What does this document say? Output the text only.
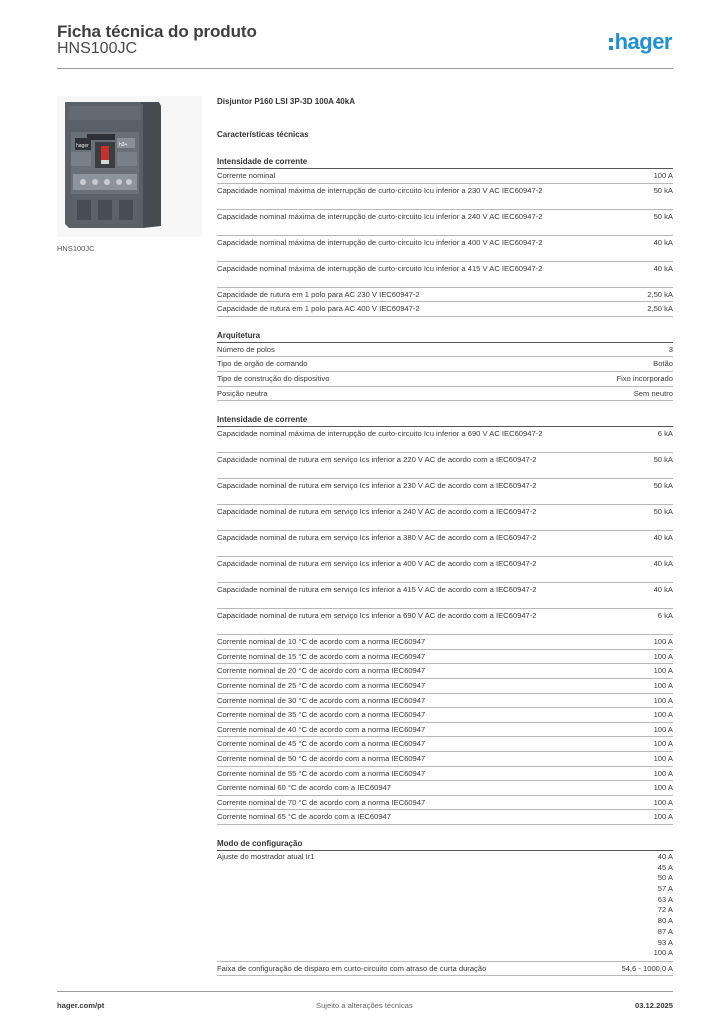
Ficha técnica do produto
HNS100JC	hager
hager	h3+
HNS100JC
Disjuntor P160 LSI 3P-3D 100A 40kA
Características técnicas
Intensidade de corrente
Corrente nominal	100 A
Capacidade nominal máxima de interrupção de curto-circuito Icu inferior a 230 V AC IEC60947-2	50 kA
Capacidade nominal máxima de interrupção de curto-circuito Icu inferior a 240 V AC IEC60947-2	50 kA
Capacidade nominal máxima de interrupção de curto-circuito Icu inferior a 400 V AC IEC60947-2	40 kA
Capacidade nominal máxima de interrupção de curto-circuito Icu inferior a 415 V AC IEC60947-2	40 kA
Capacidade de rutura em 1 polo para AC 230 V IEC60947-2	2,50 kA
Capacidade de rutura em 1 polo para AC 400 V IEC60947-2	2,50 kA
Arquitetura
Número de polos	3
Tipo de orgão de comando	Botão
Tipo de construção do dispositivo	Fixo incorporado
Posição neutra	Sem neutro
Intensidade de corrente
Capacidade nominal máxima de interrupção de curto-circuito Icu inferior a 690 V AC IEC60947-2	6 kA
Capacidade nominal de rutura em serviço Ics inferior a 220 V AC de acordo com a IEC60947-2	50 kA
Capacidade nominal de rutura em serviço Ics inferior a 230 V AC de acordo com a IEC60947-2	50 kA
Capacidade nominal de rutura em serviço Ics inferior a 240 V AC de acordo com a IEC60947-2	50 kA
Capacidade nominal de rutura em serviço Ics inferior a 380 V AC de acordo com a IEC60947-2	40 kA
Capacidade nominal de rutura em serviço Ics inferior a 400 V AC de acordo com a IEC60947-2	40 kA
Capacidade nominal de rutura em serviço Ics inferior a 415 V AC de acordo com a IEC60947-2	40 kA
Capacidade nominal de rutura em serviço Ics inferior a 690 V AC de acordo com a IEC60947-2	6 kA
Corrente nominal de 10 °C de acordo com a norma IEC60947	100 A
Corrente nominal de 15 °C de acordo com a norma IEC60947	100 A
Corrente nominal de 20 °C de acordo com a norma IEC60947	100 A
Corrente nominal de 25 °C de acordo com a norma IEC60947	100 A
Corrente nominal de 30 °C de acordo com a norma IEC60947	100 A
Corrente nominal de 35 °C de acordo com a norma IEC60947	100 A
Corrente nominal de 40 °C de acordo com a norma IEC60947	100 A
Corrente nominal de 45 °C de acordo com a norma IEC60947	100 A
Corrente nominal de 50 °C de acordo com a norma IEC60947	100 A
Corrente nominal de 55 °C de acordo com a norma IEC60947	100 A
Corrente nominal 60 °C de acordo com a IEC60947	100 A
Corrente nominal de 70 °C de acordo com a norma IEC60947	100 A
Corrente nominal 65 °C de acordo com a IEC60947	100 A
Modo de configuração
Ajuste do mostrador atual Ir1	40 A
45 A
50 A
57 A
63 A
72 A
80 A
87 A
93 A
100 A
Faixa de configuração de disparo em curto-circuito com atraso de curta duração	54,6 - 1000,0 A
hager.com/pt	Sujeito a alterações técnicas	03.12.2025
